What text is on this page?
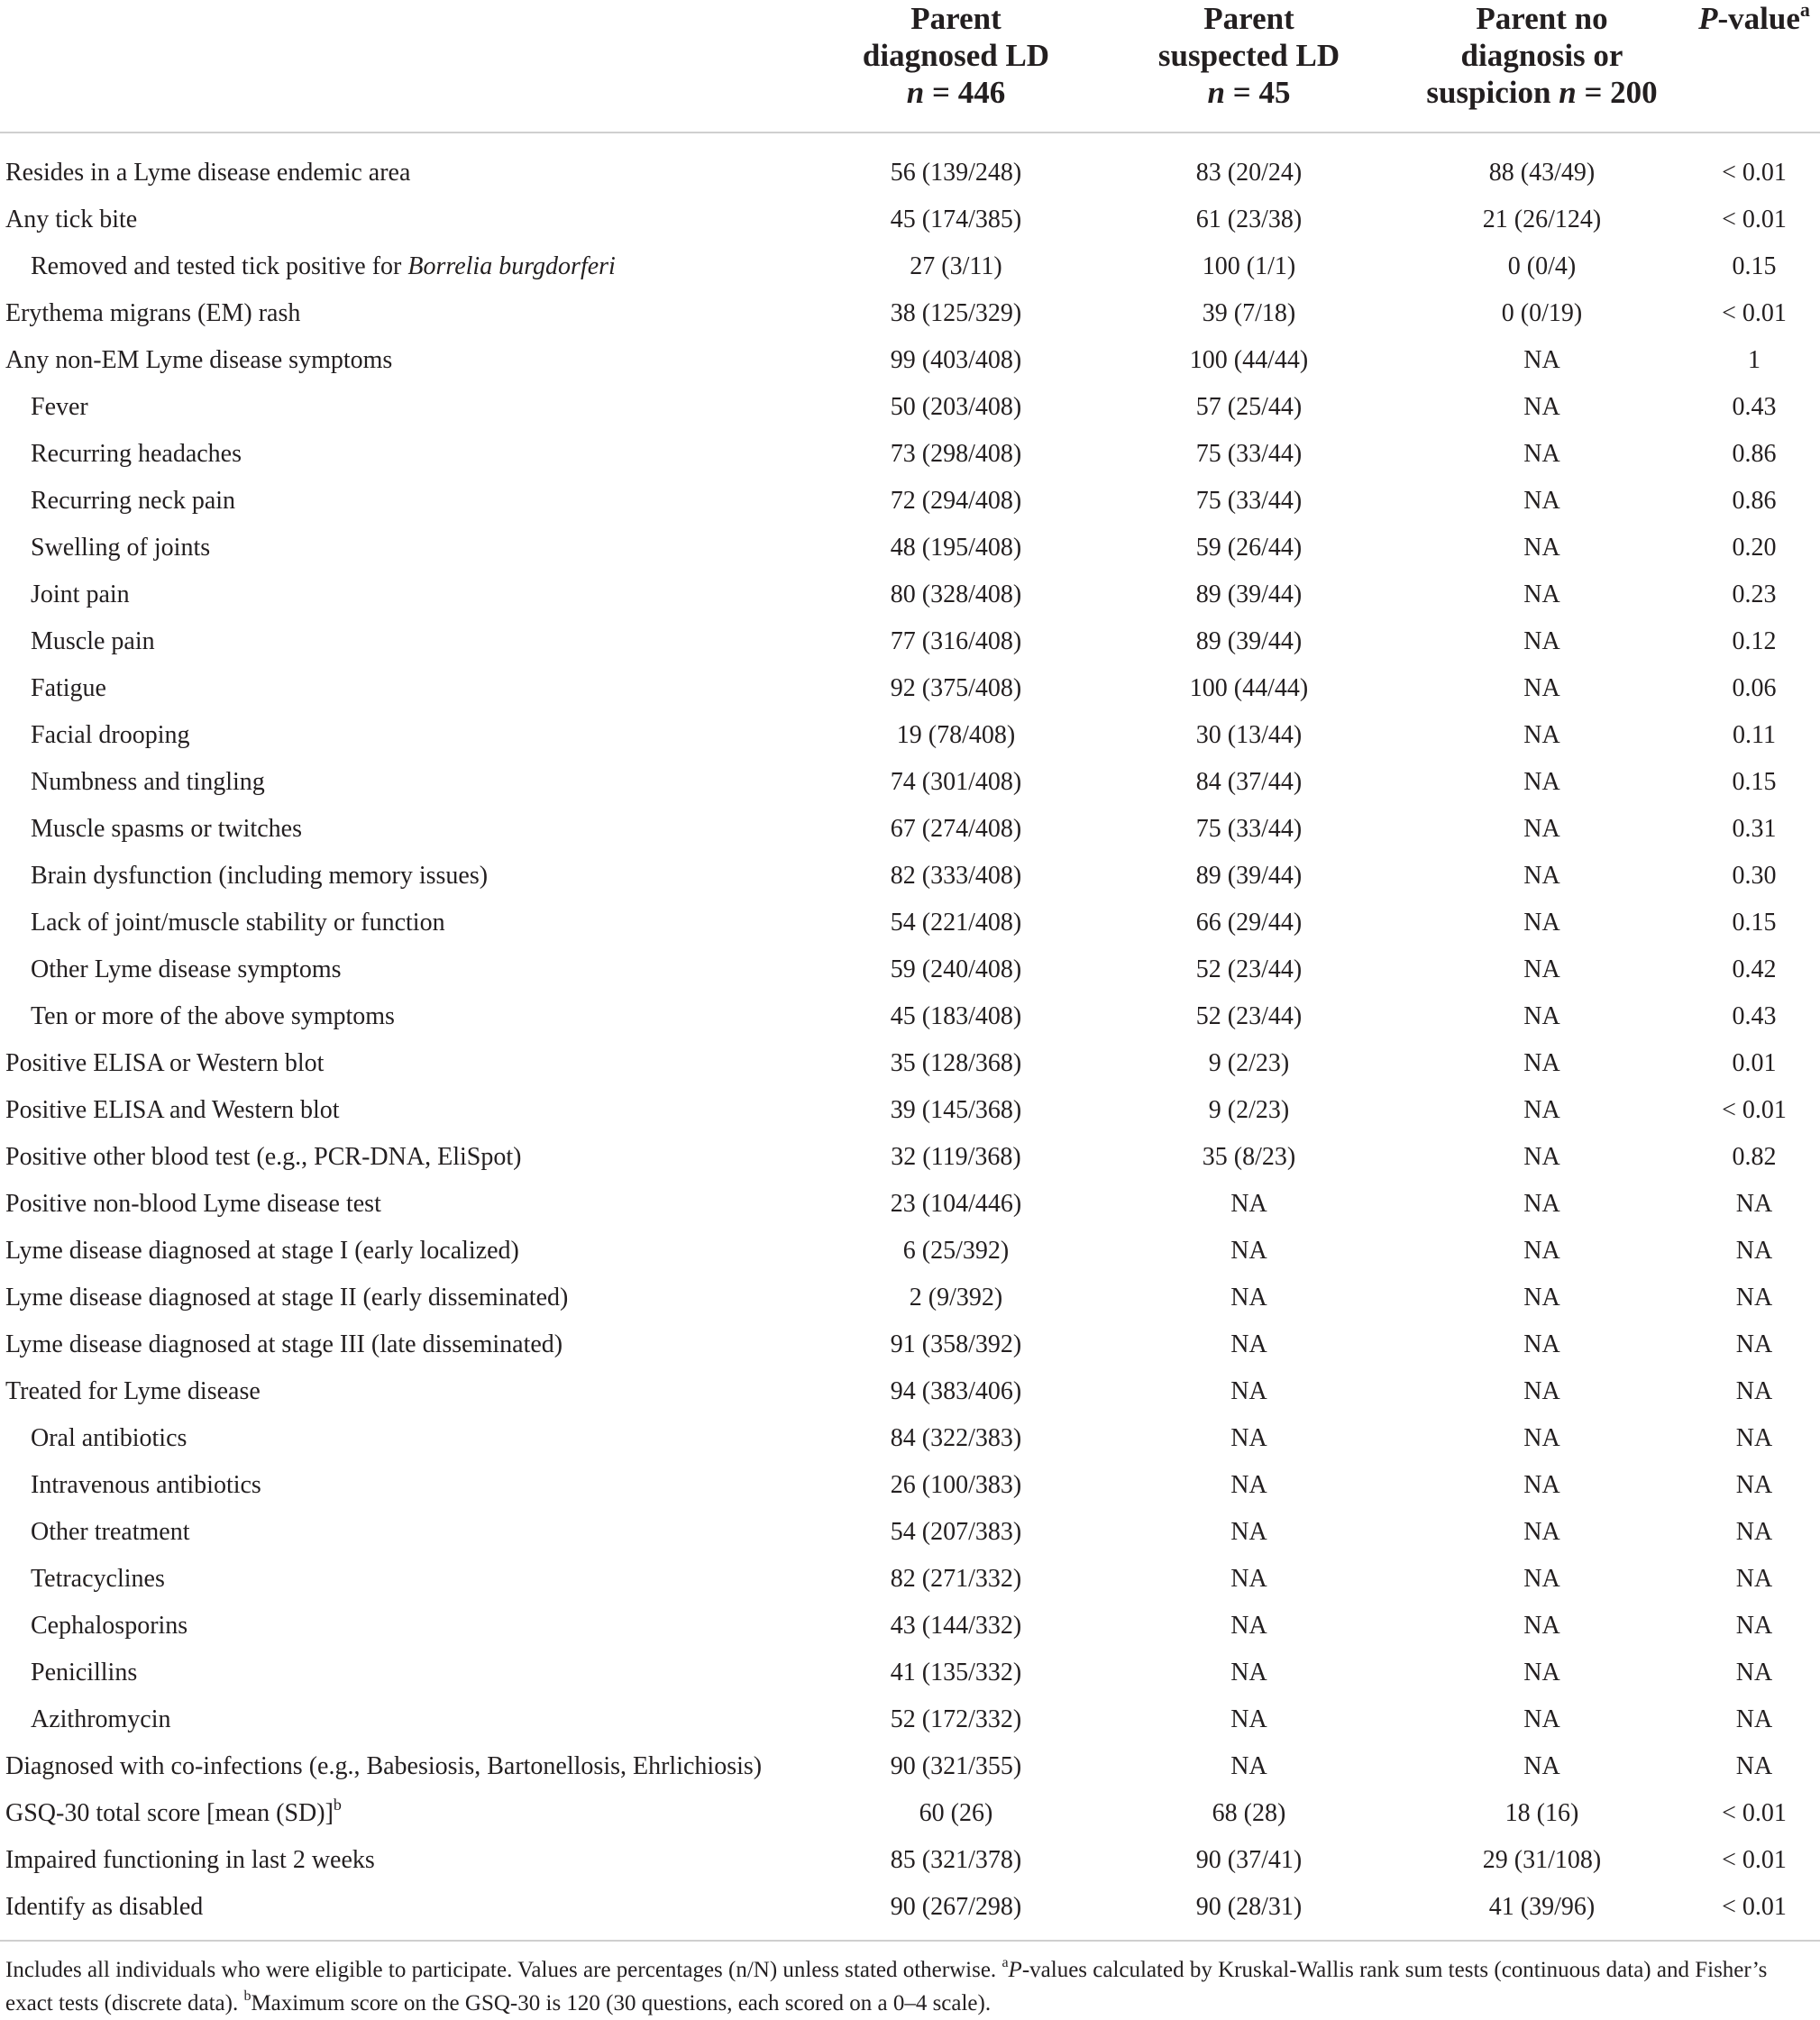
	Parent
diagnosed LD
n = 446	Parent
suspected LD
n = 45	Parent no
diagnosis or
suspicion n = 200	P-value$^a$

Resides in a Lyme disease endemic area	56 (139/248)	83 (20/24)	88 (43/49)	< 0.01
Any tick bite	45 (174/385)	61 (23/38)	21 (26/124)	< 0.01
Removed and tested tick positive for Borrelia burgdorferi	27 (3/11)	100 (1/1)	0 (0/4)	0.15
Erythema migrans (EM) rash	38 (125/329)	39 (7/18)	0 (0/19)	< 0.01
Any non-EM Lyme disease symptoms	99 (403/408)	100 (44/44)	NA	1
Fever	50 (203/408)	57 (25/44)	NA	0.43
Recurring headaches	73 (298/408)	75 (33/44)	NA	0.86
Recurring neck pain	72 (294/408)	75 (33/44)	NA	0.86
Swelling of joints	48 (195/408)	59 (26/44)	NA	0.20
Joint pain	80 (328/408)	89 (39/44)	NA	0.23
Muscle pain	77 (316/408)	89 (39/44)	NA	0.12
Fatigue	92 (375/408)	100 (44/44)	NA	0.06
Facial drooping	19 (78/408)	30 (13/44)	NA	0.11
Numbness and tingling	74 (301/408)	84 (37/44)	NA	0.15
Muscle spasms or twitches	67 (274/408)	75 (33/44)	NA	0.31
Brain dysfunction (including memory issues)	82 (333/408)	89 (39/44)	NA	0.30
Lack of joint/muscle stability or function	54 (221/408)	66 (29/44)	NA	0.15
Other Lyme disease symptoms	59 (240/408)	52 (23/44)	NA	0.42
Ten or more of the above symptoms	45 (183/408)	52 (23/44)	NA	0.43
Positive ELISA or Western blot	35 (128/368)	9 (2/23)	NA	0.01
Positive ELISA and Western blot	39 (145/368)	9 (2/23)	NA	< 0.01
Positive other blood test (e.g., PCR-DNA, EliSpot)	32 (119/368)	35 (8/23)	NA	0.82
Positive non-blood Lyme disease test	23 (104/446)	NA	NA	NA
Lyme disease diagnosed at stage I (early localized)	6 (25/392)	NA	NA	NA
Lyme disease diagnosed at stage II (early disseminated)	2 (9/392)	NA	NA	NA
Lyme disease diagnosed at stage III (late disseminated)	91 (358/392)	NA	NA	NA
Treated for Lyme disease	94 (383/406)	NA	NA	NA
Oral antibiotics	84 (322/383)	NA	NA	NA
Intravenous antibiotics	26 (100/383)	NA	NA	NA
Other treatment	54 (207/383)	NA	NA	NA
Tetracyclines	82 (271/332)	NA	NA	NA
Cephalosporins	43 (144/332)	NA	NA	NA
Penicillins	41 (135/332)	NA	NA	NA
Azithromycin	52 (172/332)	NA	NA	NA
Diagnosed with co-infections (e.g., Babesiosis, Bartonellosis, Ehrlichiosis)	90 (321/355)	NA	NA	NA
GSQ-30 total score [mean (SD)]$^b$	60 (26)	68 (28)	18 (16)	< 0.01
Impaired functioning in last 2 weeks	85 (321/378)	90 (37/41)	29 (31/108)	< 0.01
Identify as disabled	90 (267/298)	90 (28/31)	41 (39/96)	< 0.01
Includes all individuals who were eligible to participate. Values are percentages (n/N) unless stated otherwise. $^a$P-values calculated by Kruskal-Wallis rank sum tests (continuous data) and Fisher’s exact tests (discrete data). $^b$Maximum score on the GSQ-30 is 120 (30 questions, each scored on a 0–4 scale).
